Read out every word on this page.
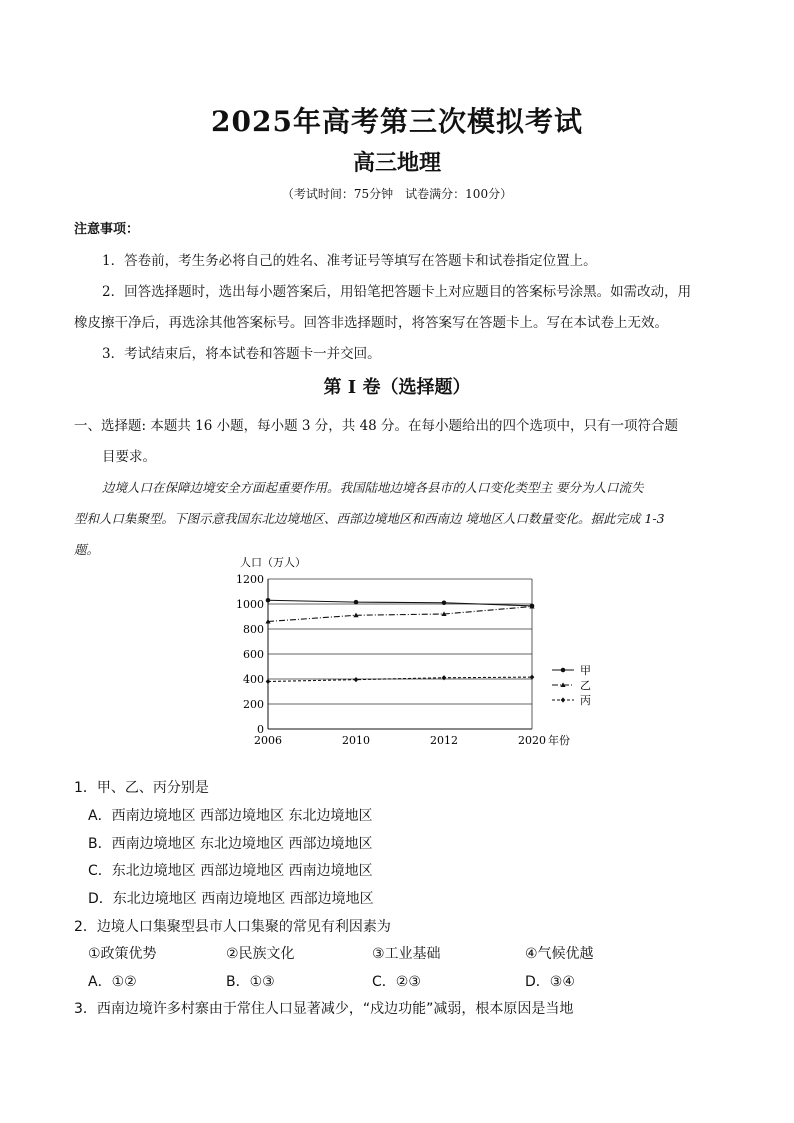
2025年高考第三次模拟考试
高三地理
（考试时间：75分钟　试卷满分：100分）
注意事项：
1．答卷前，考生务必将自己的姓名、准考证号等填写在答题卡和试卷指定位置上。
2．回答选择题时，选出每小题答案后，用铅笔把答题卡上对应题目的答案标号涂黑。如需改动，用
橡皮擦干净后，再选涂其他答案标号。回答非选择题时，将答案写在答题卡上。写在本试卷上无效。
3．考试结束后，将本试卷和答题卡一并交回。
第 I 卷（选择题）
一、选择题: 本题共 16 小题，每小题 3 分，共 48 分。在每小题给出的四个选项中，只有一项符合题
目要求。
边境人口在保障边境安全方面起重要作用。我国陆地边境各县市的人口变化类型主 要分为人口流失
型和人口集聚型。下图示意我国东北边境地区、西部边境地区和西南边 境地区人口数量变化。据此完成 1-3
题。
0
200
400
600
800
1000
1200
2006	2010	2012	2020
甲
乙
丙
人口（万人）
年份
1．甲、乙、丙分别是
A．西南边境地区 西部边境地区 东北边境地区
B．西南边境地区 东北边境地区 西部边境地区
C．东北边境地区 西部边境地区 西南边境地区
D．东北边境地区 西南边境地区 西部边境地区
2．边境人口集聚型县市人口集聚的常见有利因素为
①政策优势	②民族文化	③工业基础	④气候优越
A．①②	B．①③	C．②③	D．③④
3．西南边境许多村寨由于常住人口显著减少，“戍边功能”减弱，根本原因是当地
